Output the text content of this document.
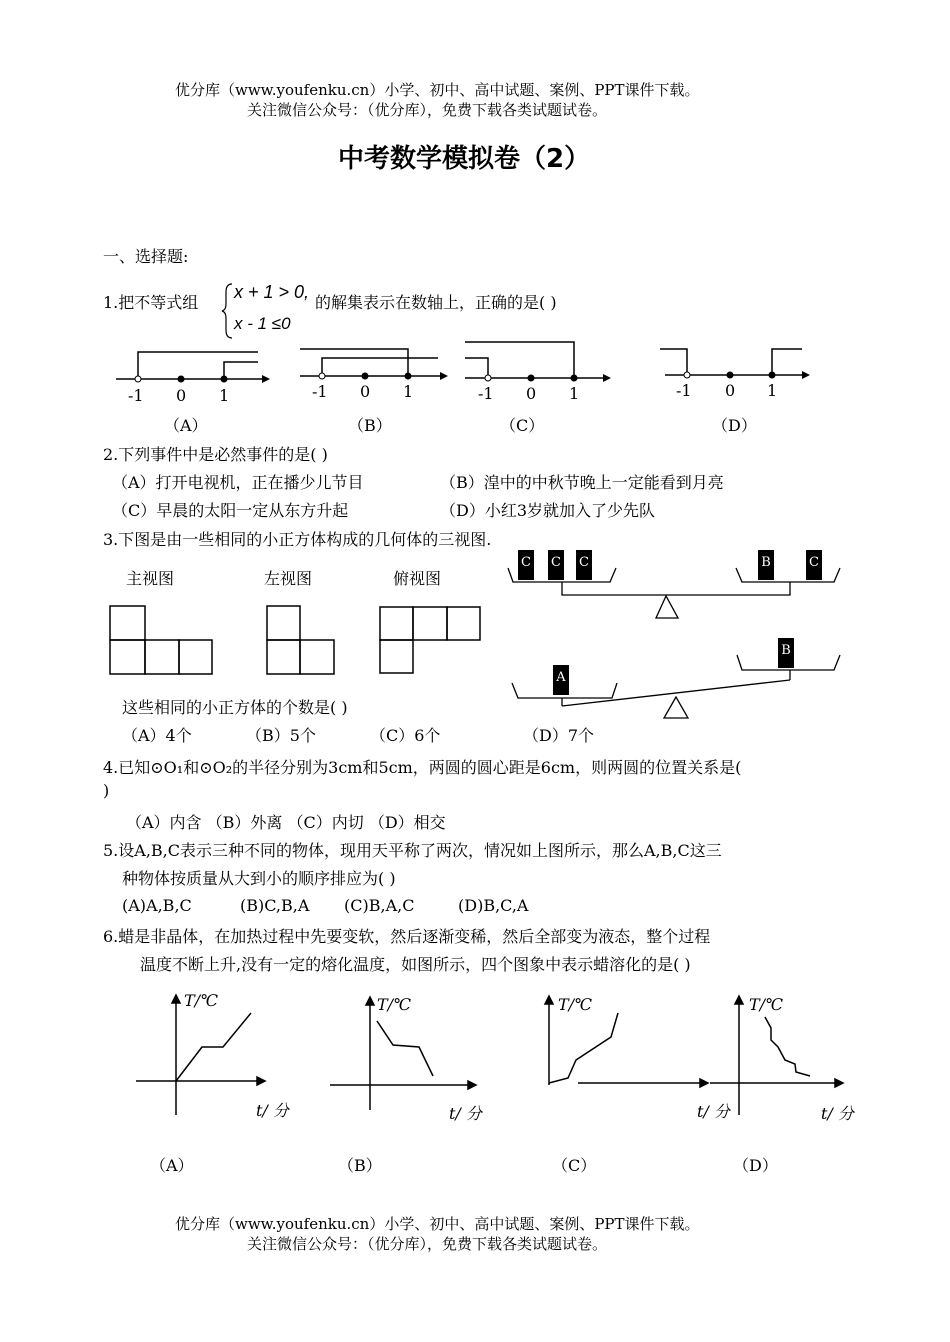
优分库（www.youfenku.cn）小学、初中、高中试题、案例、PPT课件下载。
关注微信公众号：（优分库），免费下载各类试题试卷。
中考数学模拟卷（2）
一、选择题:
1.把不等式组
x + 1 > 0,
x - 1 ≤0
的解集表示在数轴上，正确的是( )
-1 0 1	-1 0 1	-1 0 1	-1 0 1
（A）	（B）	（C）	（D）
2.下列事件中是必然事件的是( )
（A）打开电视机，正在播少儿节目	（B）湟中的中秋节晚上一定能看到月亮
（C）早晨的太阳一定从东方升起	（D）小红3岁就加入了少先队
3.下图是由一些相同的小正方体构成的几何体的三视图.
主视图	左视图	俯视图
这些相同的小正方体的个数是( )
（A）4个	（B）5个	（C）6个	（D）7个
C C C	B	C
A
B
4.已知⊙O₁和⊙O₂的半径分别为3cm和5cm，两圆的圆心距是6cm，则两圆的位置关系是(
)
（A）内含 （B）外离 （C）内切 （D）相交
5.设A,B,C表示三种不同的物体，现用天平称了两次，情况如上图所示，那么A,B,C这三
种物体按质量从大到小的顺序排应为( )
(A)A,B,C	(B)C,B,A (C)B,A,C	(D)B,C,A
6.蜡是非晶体，在加热过程中先要变软，然后逐渐变稀，然后全部变为液态，整个过程
温度不断上升,没有一定的熔化温度，如图所示，四个图象中表示蜡溶化的是( )
T/℃	T/℃	T/℃	T/℃
t/ 分	t/ 分	t/ 分	t/ 分
（A）	（B）	（C）	（D）
优分库（www.youfenku.cn）小学、初中、高中试题、案例、PPT课件下载。
关注微信公众号：（优分库），免费下载各类试题试卷。
